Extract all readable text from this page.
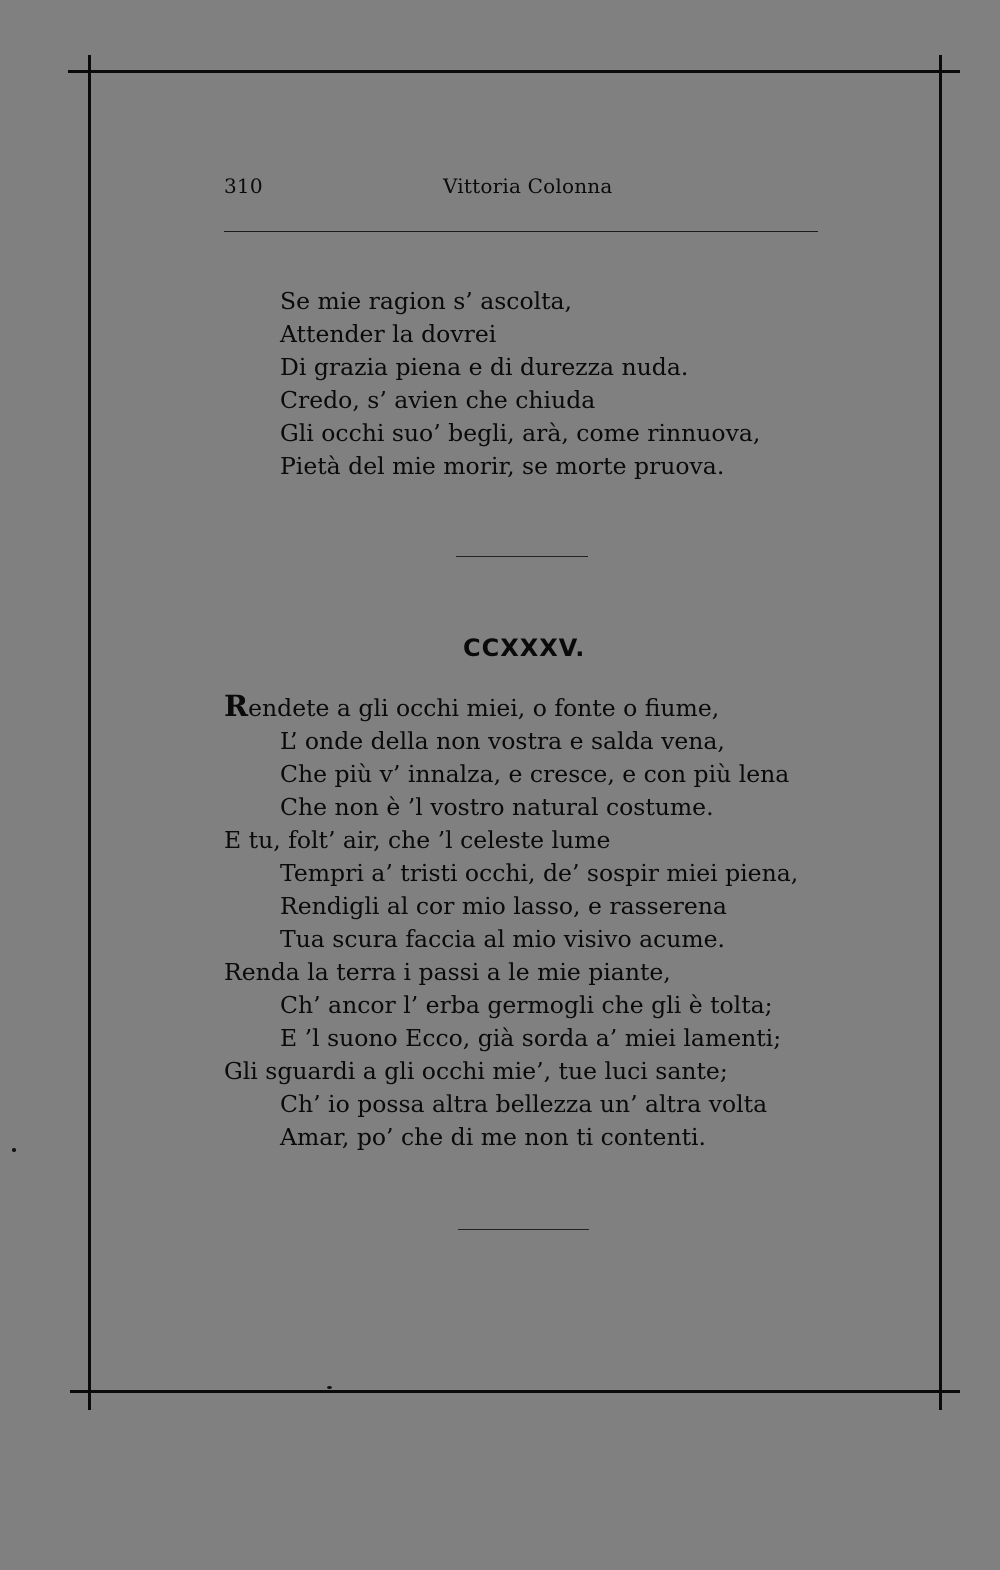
310	Vittoria Colonna
Se mie ragion s’ ascolta,
Attender la dovrei
Di grazia piena e di durezza nuda.
Credo, s’ avien che chiuda
Gli occhi suo’ begli, arà, come rinnuova,
Pietà del mie morir, se morte pruova.
CCXXXV.
Rendete a gli occhi miei, o fonte o fiume,
L’ onde della non vostra e salda vena,
Che più v’ innalza, e cresce, e con più lena
Che non è ’l vostro natural costume.
E tu, folt’ air, che ’l celeste lume
Tempri a’ tristi occhi, de’ sospir miei piena,
Rendigli al cor mio lasso, e rasserena
Tua scura faccia al mio visivo acume.
Renda la terra i passi a le mie piante,
Ch’ ancor l’ erba germogli che gli è tolta;
E ’l suono Ecco, già sorda a’ miei lamenti;
Gli sguardi a gli occhi mie’, tue luci sante;
Ch’ io possa altra bellezza un’ altra volta
Amar, po’ che di me non ti contenti.
